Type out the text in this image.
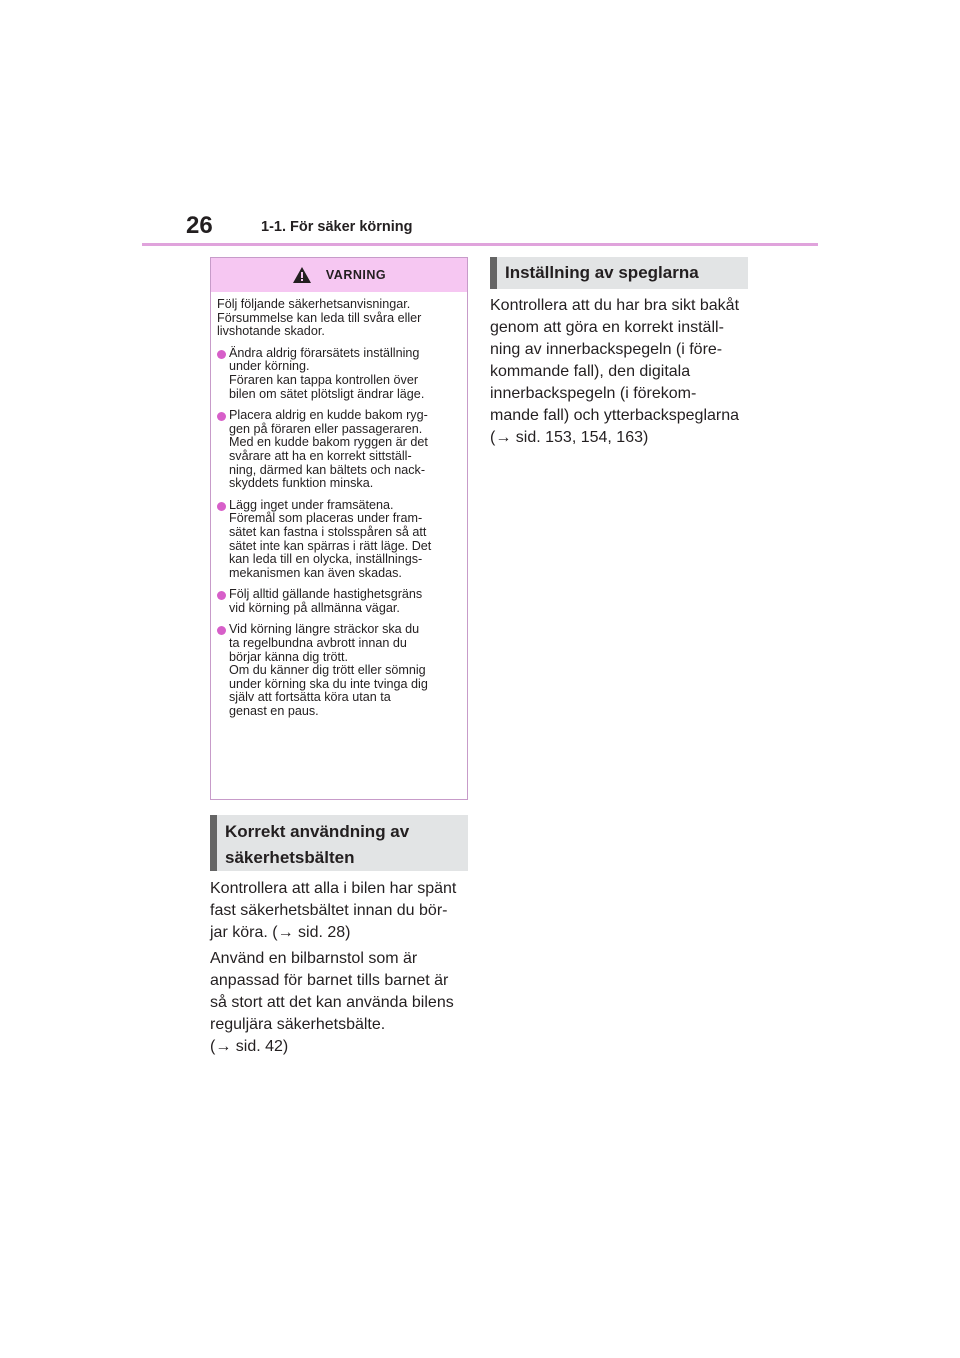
26	1-1. För säker körning
VARNING

Följ följande säkerhetsanvisningar.
Försummelse kan leda till svåra eller
livshotande skador.

Ändra aldrig förarsätets inställning
under körning.
Föraren kan tappa kontrollen över
bilen om sätet plötsligt ändrar läge.
Placera aldrig en kudde bakom ryg-
gen på föraren eller passageraren.
Med en kudde bakom ryggen är det
svårare att ha en korrekt sittställ-
ning, därmed kan bältets och nack-
skyddets funktion minska.
Lägg inget under framsätena.
Föremål som placeras under fram-
sätet kan fastna i stolsspåren så att
sätet inte kan spärras i rätt läge. Det
kan leda till en olycka, inställnings-
mekanismen kan även skadas.
Följ alltid gällande hastighetsgräns
vid körning på allmänna vägar.
Vid körning längre sträckor ska du
ta regelbundna avbrott innan du
börjar känna dig trött.
Om du känner dig trött eller sömnig
under körning ska du inte tvinga dig
själv att fortsätta köra utan ta
genast en paus.
Korrekt användning av
säkerhetsbälten

Kontrollera att alla i bilen har spänt
fast säkerhetsbältet innan du bör-
jar köra. (→ sid. 28)

Använd en bilbarnstol som är
anpassad för barnet tills barnet är
så stort att det kan använda bilens
reguljära säkerhetsbälte.
(→ sid. 42)

Inställning av speglarna

Kontrollera att du har bra sikt bakåt
genom att göra en korrekt inställ-
ning av innerbackspegeln (i före-
kommande fall), den digitala
innerbackspegeln (i förekom-
mande fall) och ytterbackspeglarna
(→ sid. 153, 154, 163)
